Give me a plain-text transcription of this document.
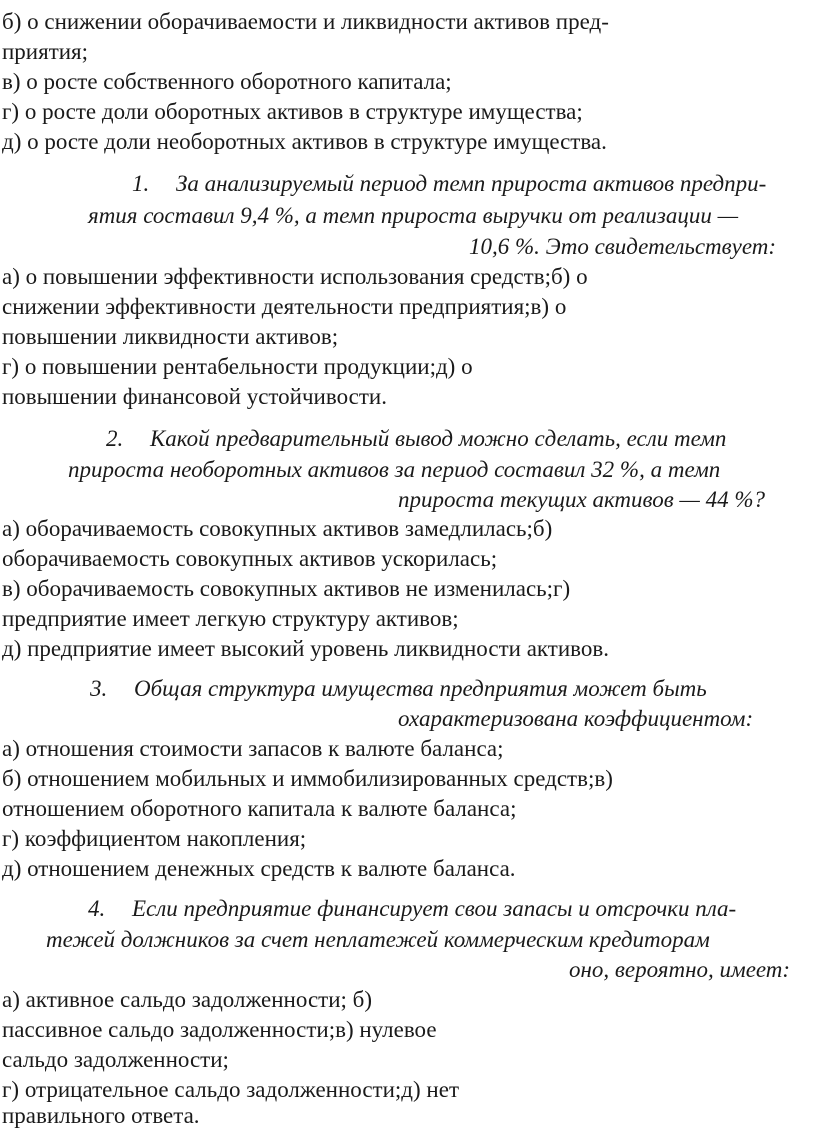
б) о снижении оборачиваемости и ликвидности активов пред-
приятия;
в) о росте собственного оборотного капитала;
г) о росте доли оборотных активов в структуре имущества;
д) о росте доли необоротных активов в структуре имущества.
1. За анализируемый период темп прироста активов предпри-
ятия составил 9,4 %, а темп прироста выручки от реализации —
10,6 %. Это свидетельствует:
а) о повышении эффективности использования средств;б) о
снижении эффективности деятельности предприятия;в) о
повышении ликвидности активов;
г) о повышении рентабельности продукции;д) о
повышении финансовой устойчивости.
2. Какой предварительный вывод можно сделать, если темп
прироста необоротных активов за период составил 32 %, а темп
прироста текущих активов — 44 %?
а) оборачиваемость совокупных активов замедлилась;б)
оборачиваемость совокупных активов ускорилась;
в) оборачиваемость совокупных активов не изменилась;г)
предприятие имеет легкую структуру активов;
д) предприятие имеет высокий уровень ликвидности активов.
3. Общая структура имущества предприятия может быть
охарактеризована коэффициентом:
а) отношения стоимости запасов к валюте баланса;
б) отношением мобильных и иммобилизированных средств;в)
отношением оборотного капитала к валюте баланса;
г) коэффициентом накопления;
д) отношением денежных средств к валюте баланса.
4. Если предприятие финансирует свои запасы и отсрочки пла-
тежей должников за счет неплатежей коммерческим кредиторам
оно, вероятно, имеет:
а) активное сальдо задолженности; б)
пассивное сальдо задолженности;в) нулевое
сальдо задолженности;
г) отрицательное сальдо задолженности;д) нет
правильного ответа.
